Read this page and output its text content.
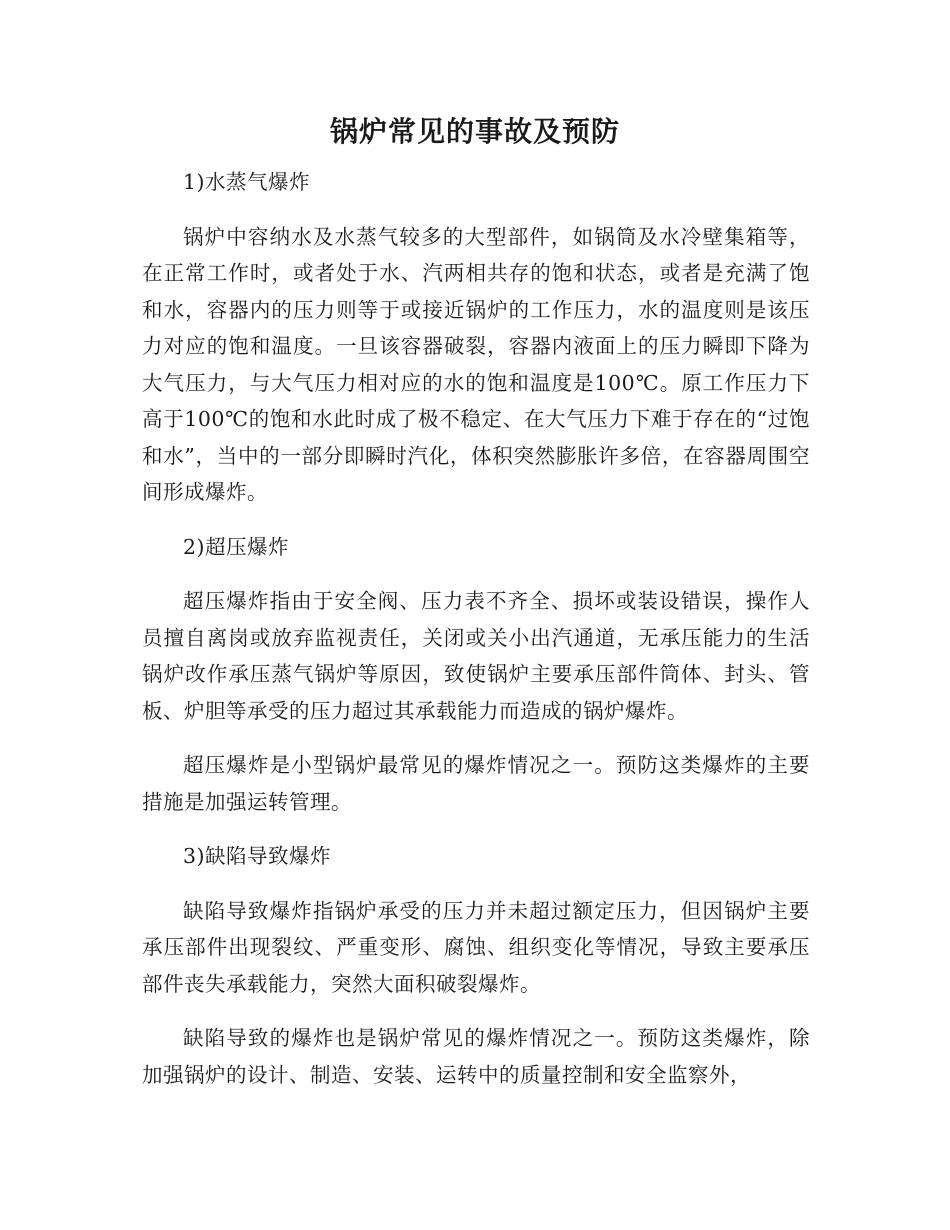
锅炉常见的事故及预防

1)水蒸气爆炸

锅炉中容纳水及水蒸气较多的大型部件，如锅筒及水冷壁集箱等，在正常工作时，或者处于水、汽两相共存的饱和状态，或者是充满了饱和水，容器内的压力则等于或接近锅炉的工作压力，水的温度则是该压力对应的饱和温度。一旦该容器破裂，容器内液面上的压力瞬即下降为大气压力，与大气压力相对应的水的饱和温度是100℃。原工作压力下高于100℃的饱和水此时成了极不稳定、在大气压力下难于存在的“过饱和水”，当中的一部分即瞬时汽化，体积突然膨胀许多倍，在容器周围空间形成爆炸。

2)超压爆炸

超压爆炸指由于安全阀、压力表不齐全、损坏或装设错误，操作人员擅自离岗或放弃监视责任，关闭或关小出汽通道，无承压能力的生活锅炉改作承压蒸气锅炉等原因，致使锅炉主要承压部件筒体、封头、管板、炉胆等承受的压力超过其承载能力而造成的锅炉爆炸。

超压爆炸是小型锅炉最常见的爆炸情况之一。预防这类爆炸的主要措施是加强运转管理。

3)缺陷导致爆炸

缺陷导致爆炸指锅炉承受的压力并未超过额定压力，但因锅炉主要承压部件出现裂纹、严重变形、腐蚀、组织变化等情况，导致主要承压部件丧失承载能力，突然大面积破裂爆炸。

缺陷导致的爆炸也是锅炉常见的爆炸情况之一。预防这类爆炸，除加强锅炉的设计、制造、安装、运转中的质量控制和安全监察外，
